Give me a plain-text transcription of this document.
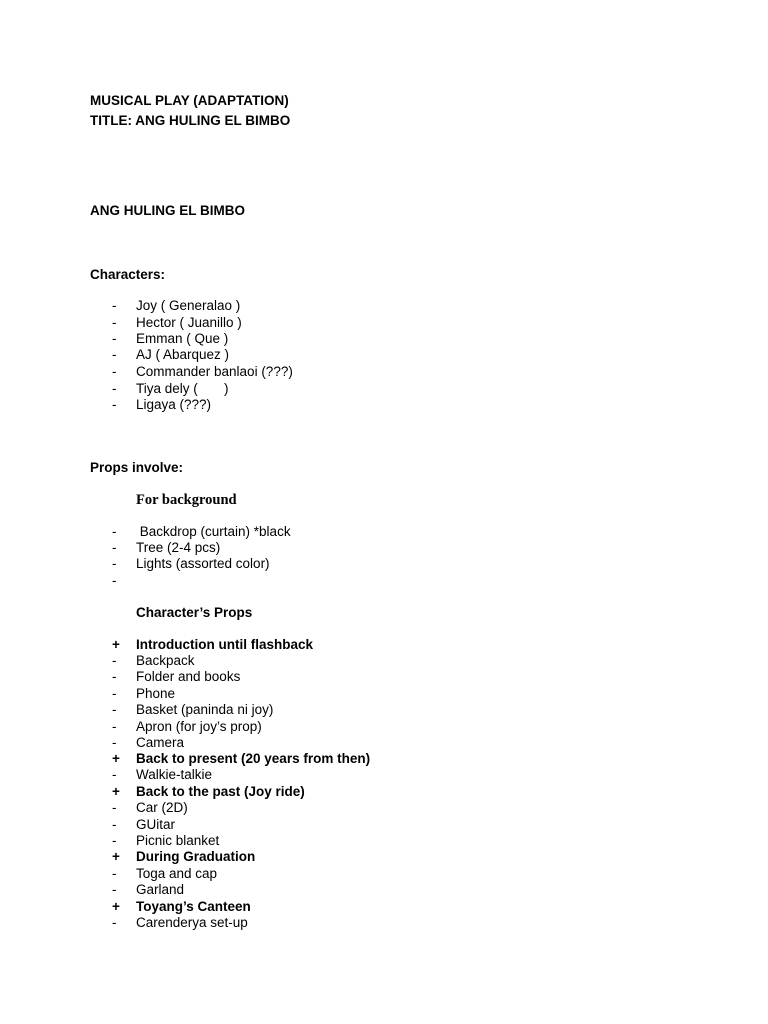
MUSICAL PLAY (ADAPTATION)
TITLE: ANG HULING EL BIMBO
ANG HULING EL BIMBO
Characters:
-	Joy ( Generalao )
-	Hector ( Juanillo )
-	Emman ( Que )
-	AJ ( Abarquez )
-	Commander banlaoi (???)
-	Tiya dely (       )
-	Ligaya (???)
Props involve:
For background
-	Backdrop (curtain) *black
-	Tree (2-4 pcs)
-	Lights (assorted color)
-
Character’s Props
+	Introduction until flashback
-	Backpack
-	Folder and books
-	Phone
-	Basket (paninda ni joy)
-	Apron (for joy’s prop)
-	Camera
+	Back to present (20 years from then)
-	Walkie-talkie
+	Back to the past (Joy ride)
-	Car (2D)
-	GUitar
-	Picnic blanket
+	During Graduation
-	Toga and cap
-	Garland
+	Toyang’s Canteen
-	Carenderya set-up
